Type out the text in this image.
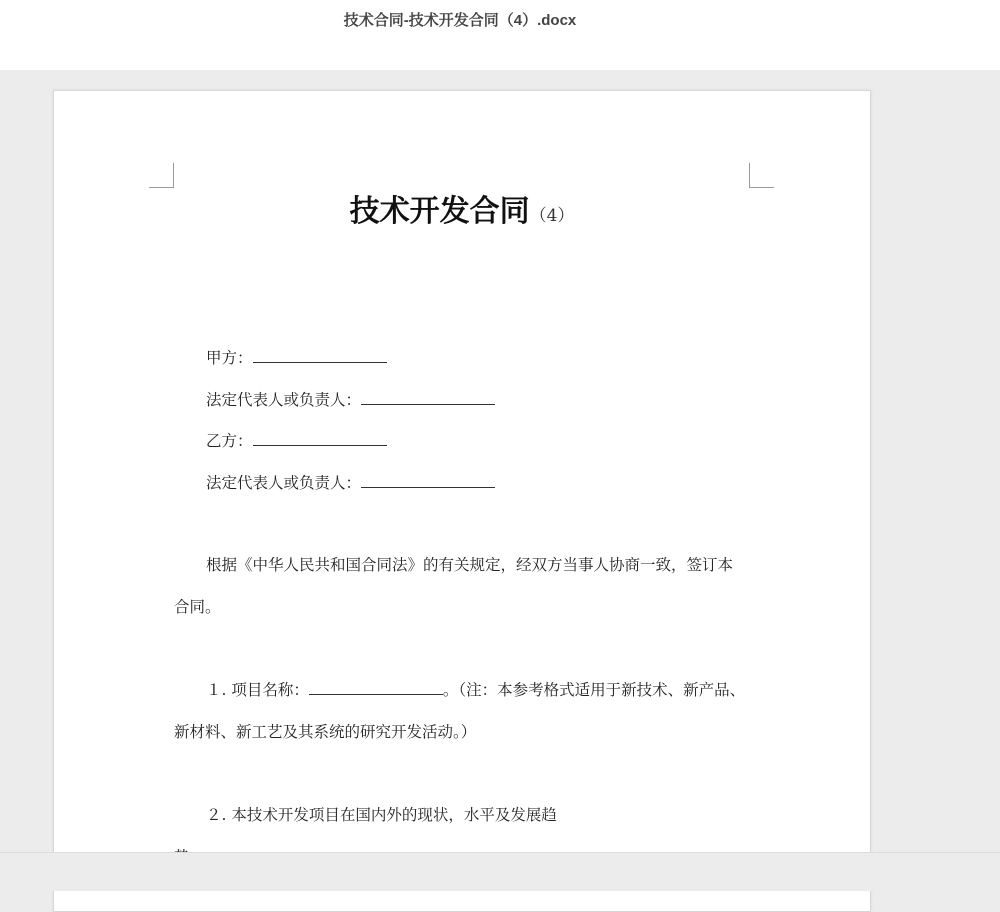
技术合同-技术开发合同（4）.docx
技术开发合同（4）
甲方：
法定代表人或负责人：
乙方：
法定代表人或负责人：
根据《中华人民共和国合同法》的有关规定，经双方当事人协商一致，签订本
合同。
１. 项目名称：	。（注：本参考格式适用于新技术、新产品、
新材料、新工艺及其系统的研究开发活动。）
２. 本技术开发项目在国内外的现状，水平及发展趋
